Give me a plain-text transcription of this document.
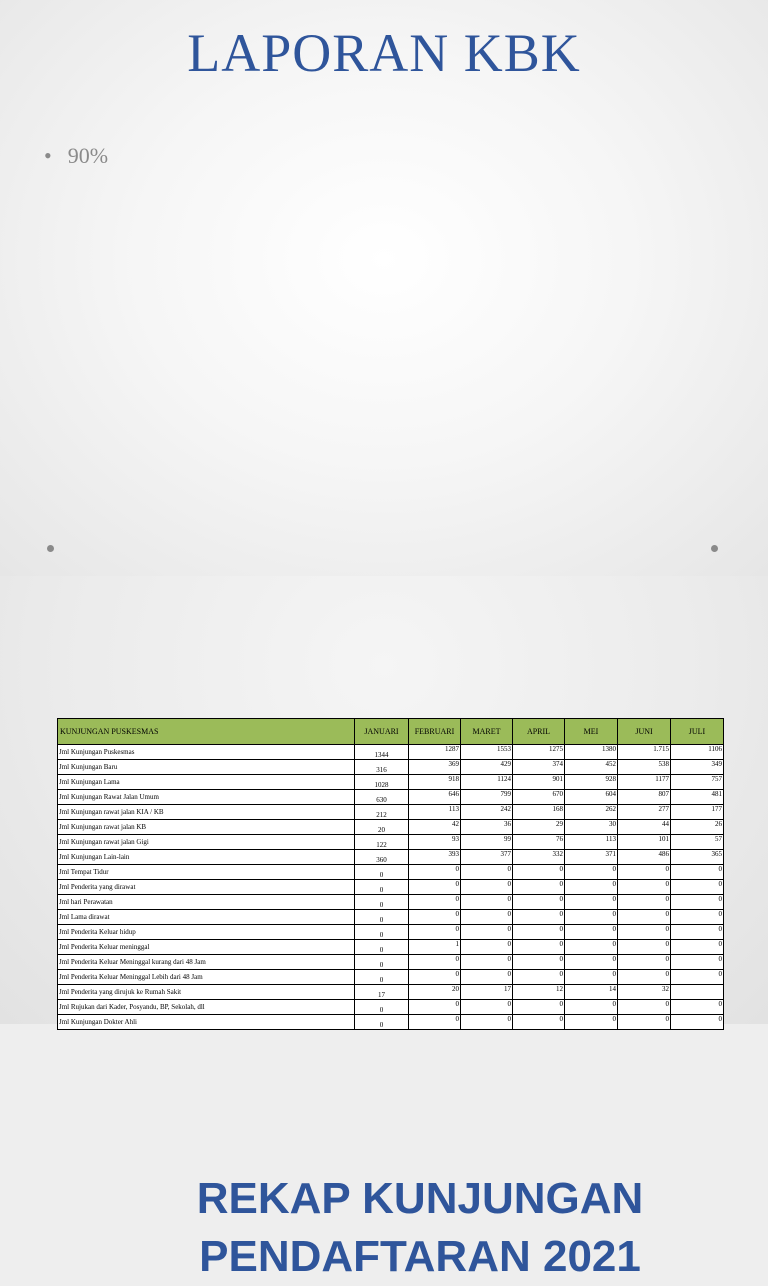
LAPORAN KBK
• 90%
REKAP KUNJUNGAN PENDAFTARAN 2021
KUNJUNGAN PUSKESMAS	JANUARI	FEBRUARI	MARET	APRIL	MEI	JUNI	JULI
Jml Kunjungan Puskesmas	1344	1287	1553	1275	1380	1.715	1106
Jml Kunjungan Baru	316	369	429	374	452	538	349
Jml Kunjungan Lama	1028	918	1124	901	928	1177	757
Jml Kunjungan Rawat Jalan Umum	630	646	799	670	604	807	481
Jml Kunjungan rawat jalan KIA / KB	212	113	242	168	262	277	177
Jml Kunjungan rawat jalan KB	20	42	36	29	30	44	26
Jml Kunjungan rawat jalan Gigi	122	93	99	76	113	101	57
Jml Kunjungan Lain-lain	360	393	377	332	371	486	365
Jml Tempat Tidur	0	0	0	0	0	0	0
Jml Penderita yang dirawat	0	0	0	0	0	0	0
Jml hari Perawatan	0	0	0	0	0	0	0
Jml Lama dirawat	0	0	0	0	0	0	0
Jml Penderita Keluar hidup	0	0	0	0	0	0	0
Jml Penderita Keluar meninggal	0	1	0	0	0	0	0
Jml Penderita Keluar Meninggal kurang dari 48 Jam	0	0	0	0	0	0	0
Jml Penderita Keluar Meninggal Lebih dari 48 Jam	0	0	0	0	0	0	0
Jml Penderita yang dirujuk ke Rumah Sakit	17	20	17	12	14	32	
Jml Rujukan dari Kader, Posyandu, BP, Sekolah, dll	0	0	0	0	0	0	0
Jml Kunjungan Dokter Ahli	0	0	0	0	0	0	0
